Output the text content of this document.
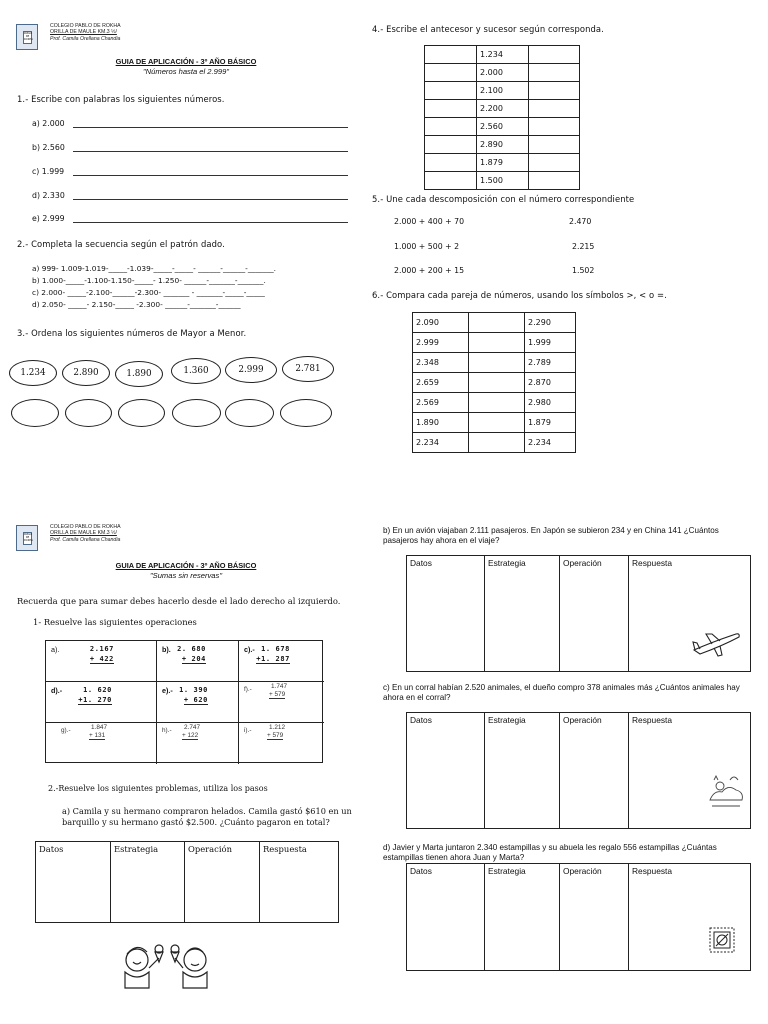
PABLO DE ROKHA
COLEGIO PABLO DE ROKHA
ORILLA DE MAULE KM.3 ½/
Prof. Camila Orellana Chandia
GUIA DE APLICACIÓN - 3º AÑO BÁSICO
"Números hasta el 2.999"
1.- Escribe con palabras los siguientes números.
a) 2.000
b) 2.560
c) 1.999
d) 2.330
e) 2.999
2.- Completa la secuencia según el patrón dado.
a) 999- 1.009-1.019-_____-1.039-_____-_____- ______-______-_______.
b) 1.000-_____-1.100-1.150-_____- 1.250- ______-_______-_______.
c) 2.000- _____-2.100-______-2.300- _______ - _______-_____-_____
d) 2.050- _____- 2.150-_____ -2.300- ______-_______-______
3.- Ordena los siguientes números de Mayor a Menor.
1.234	2.890	1.890	1.360	2.999	2.781
4.- Escribe el antecesor y sucesor según corresponda.
	1.234	
	2.000	
	2.100	
	2.200	
	2.560	
	2.890	
	1.879	
	1.500	
5.- Une cada descomposición con el número correspondiente
2.000 + 400 + 70
1.000 + 500 + 2
2.000 + 200 + 15
2.470
2.215
1.502
6.- Compara cada pareja de números, usando los símbolos >, < o =.
2.090		2.290
2.999		1.999
2.348		2.789
2.659		2.870
2.569		2.980
1.890		1.879
2.234		2.234
PABLO DE ROKHA
COLEGIO PABLO DE ROKHA
ORILLA DE MAULE KM.3 ½/
Prof. Camila Orellana Chandia
GUIA DE APLICACIÓN - 3º AÑO BÁSICO
"Sumas sin reservas"
Recuerda que para sumar debes hacerlo desde el lado derecho al izquierdo.
1- Resuelve las siguientes operaciones
a).	2.167
+ 422
b). 2. 680
+ 204
c).- 1. 678
+1. 287
d).-	1. 620
+1. 270
e).- 1. 390
+ 620
f).-	1.747
+ 579
g).-	1.847
+ 131
h).- 2.747
+ 122
i).-	1.212
+ 579
2.-Resuelve los siguientes problemas, utiliza los pasos
a) Camila y su hermano compraron helados. Camila gastó $610 en un barquillo y su hermano gastó $2.500. ¿Cuánto pagaron en total?
Datos	Estrategia	Operación	Respuesta
b) En un avión viajaban 2.111 pasajeros. En Japón se subieron 234 y en China 141 ¿Cuántos pasajeros hay ahora en el viaje?
Datos	Estrategia	Operación	Respuesta
c) En un corral habían 2.520 animales, el dueño compro 378 animales más ¿Cuántos animales hay ahora en el corral?
Datos	Estrategia	Operación	Respuesta
d) Javier y Marta juntaron 2.340 estampillas y su abuela les regalo 556 estampillas ¿Cuántas estampillas tienen ahora Juan y Marta?
Datos	Estrategia	Operación	Respuesta
